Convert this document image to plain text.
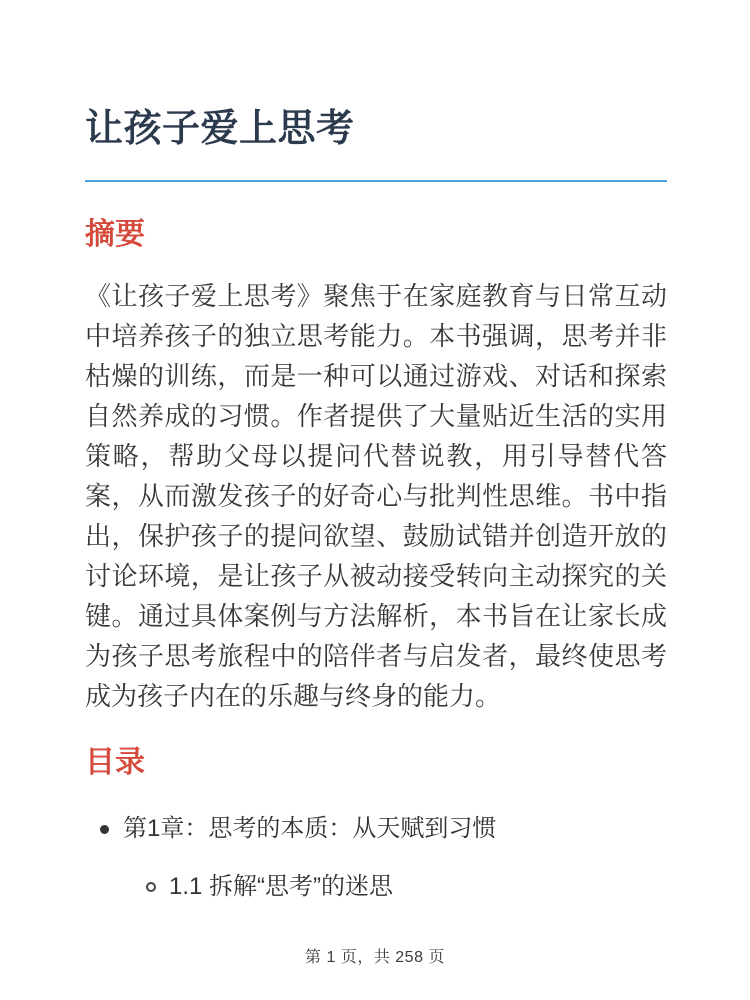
让孩子爱上思考
摘要

《让孩子爱上思考》聚焦于在家庭教育与日常互动中培养孩子的独立思考能力。本书强调，思考并非枯燥的训练，而是一种可以通过游戏、对话和探索自然养成的习惯。作者提供了大量贴近生活的实用策略，帮助父母以提问代替说教，用引导替代答案，从而激发孩子的好奇心与批判性思维。书中指出，保护孩子的提问欲望、鼓励试错并创造开放的讨论环境，是让孩子从被动接受转向主动探究的关键。通过具体案例与方法解析，本书旨在让家长成为孩子思考旅程中的陪伴者与启发者，最终使思考成为孩子内在的乐趣与终身的能力。

目录
第1章：思考的本质：从天赋到习惯
1.1 拆解“思考”的迷思
第 1 页，共 258 页
